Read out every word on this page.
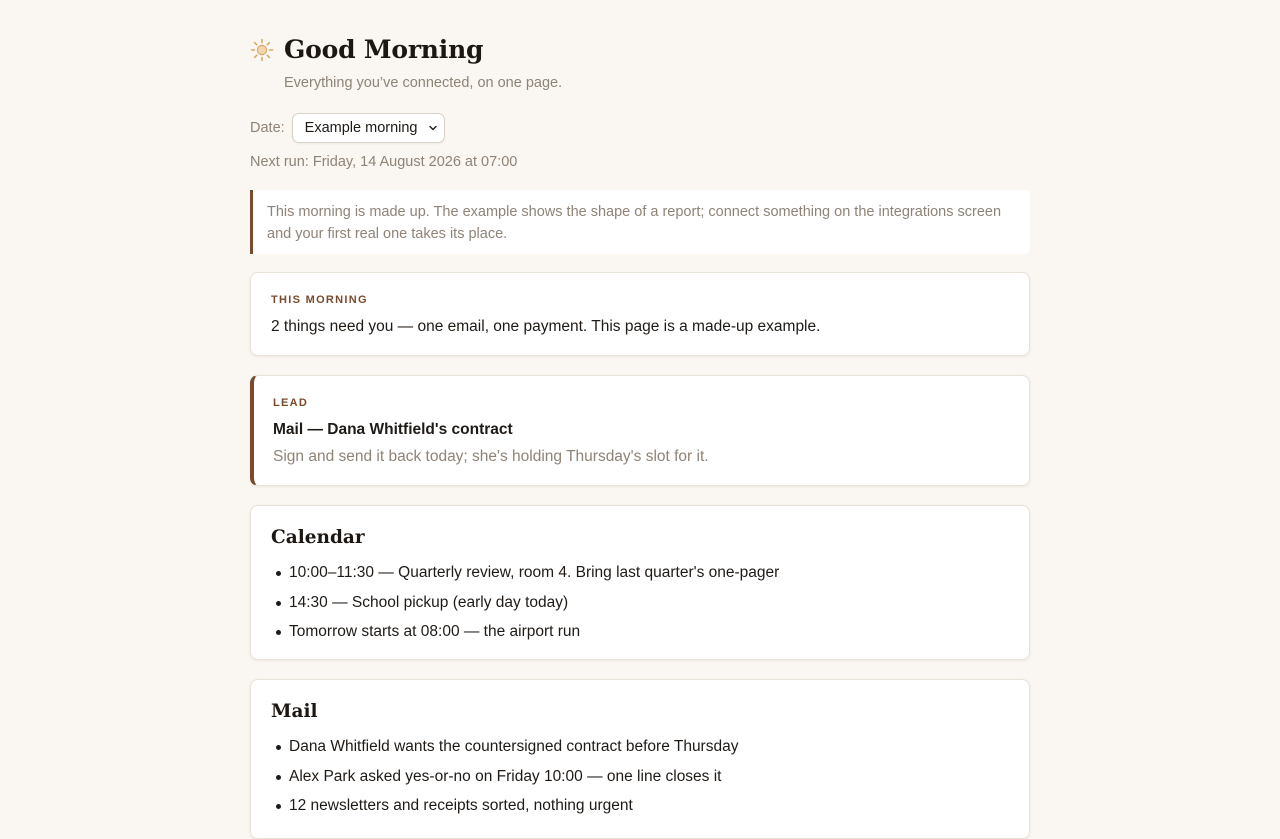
Good Morning
Everything you’ve connected, on one page.
Date: Example morning
Next run: Friday, 14 August 2026 at 07:00
This morning is made up. The example shows the shape of a report; connect something on the integrations screen and your first real one takes its place.
THIS MORNING
2 things need you — one email, one payment. This page is a made-up example.
LEAD
Mail — Dana Whitfield's contract
Sign and send it back today; she's holding Thursday's slot for it.
Calendar
10:00–11:30 — Quarterly review, room 4. Bring last quarter's one-pager
14:30 — School pickup (early day today)
Tomorrow starts at 08:00 — the airport run
Mail
Dana Whitfield wants the countersigned contract before Thursday
Alex Park asked yes-or-no on Friday 10:00 — one line closes it
12 newsletters and receipts sorted, nothing urgent
